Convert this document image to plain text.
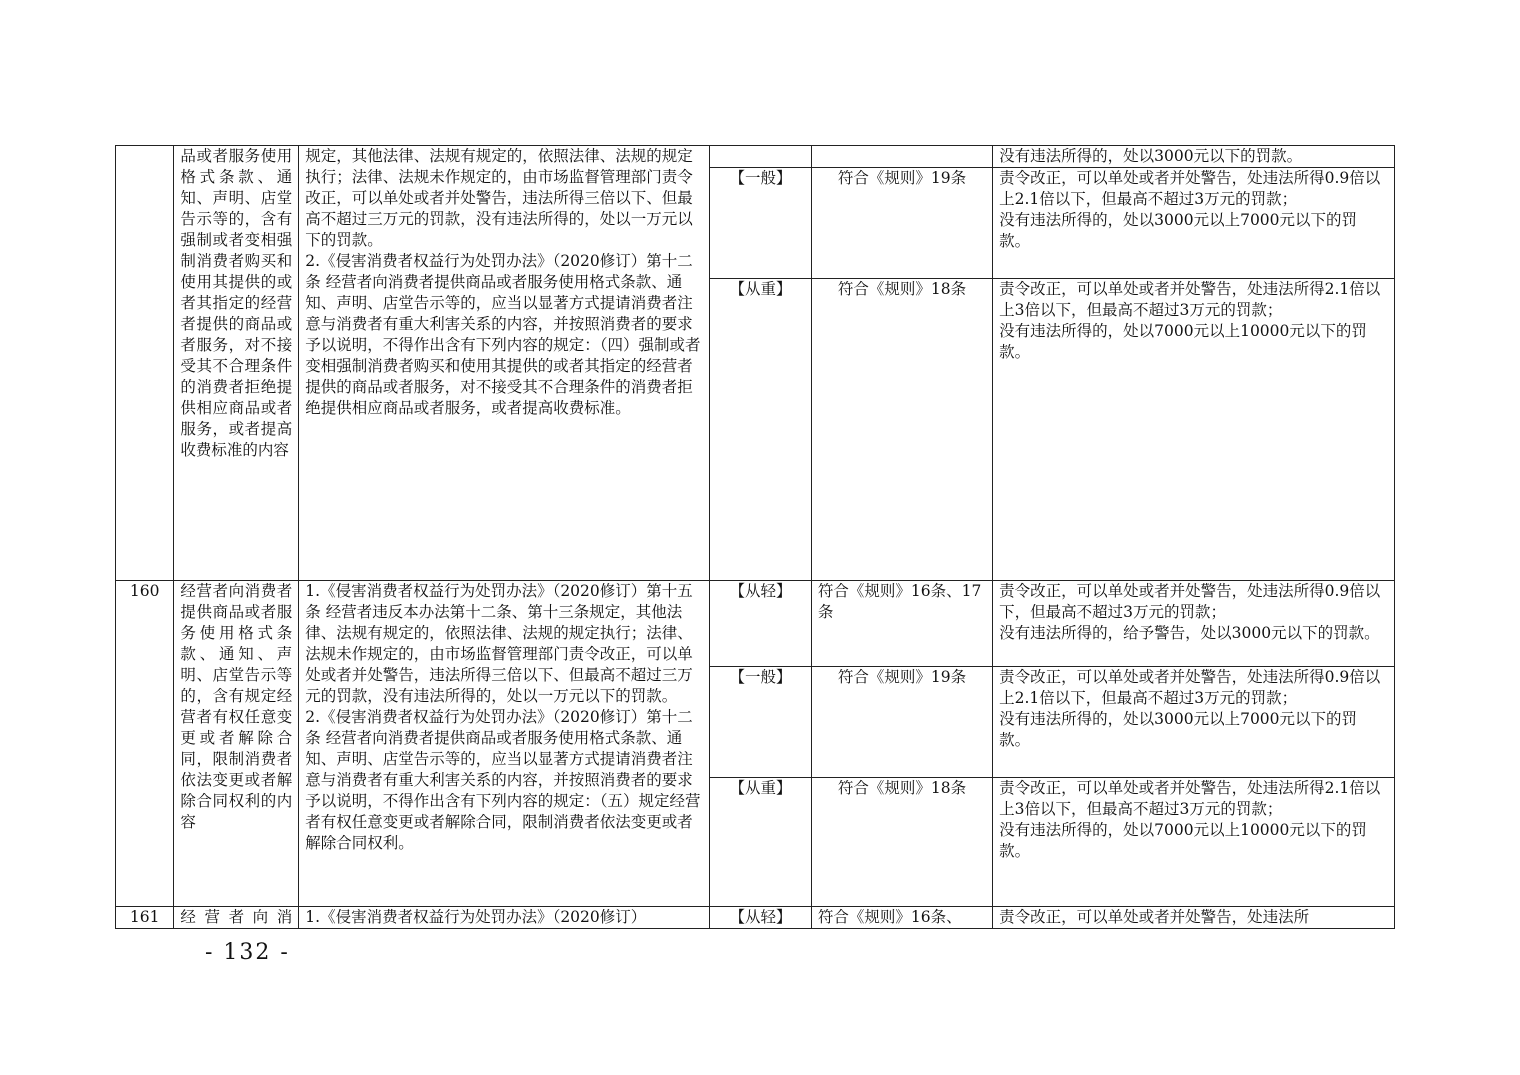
	品或者服务使用格式条款、通知、声明、店堂告示等的，含有强制或者变相强制消费者购买和使用其提供的或者其指定的经营者提供的商品或者服务，对不接受其不合理条件的消费者拒绝提供相应商品或者服务，或者提高收费标准的内容	规定，其他法律、法规有规定的，依照法律、法规的规定执行；法律、法规未作规定的，由市场监督管理部门责令改正，可以单处或者并处警告，违法所得三倍以下、但最高不超过三万元的罚款，没有违法所得的，处以一万元以下的罚款。
2.《侵害消费者权益行为处罚办法》（2020修订）第十二条 经营者向消费者提供商品或者服务使用格式条款、通知、声明、店堂告示等的，应当以显著方式提请消费者注意与消费者有重大利害关系的内容，并按照消费者的要求予以说明，不得作出含有下列内容的规定：（四）强制或者变相强制消费者购买和使用其提供的或者其指定的经营者提供的商品或者服务，对不接受其不合理条件的消费者拒绝提供相应商品或者服务，或者提高收费标准。			没有违法所得的，处以3000元以下的罚款。
			【一般】	符合《规则》19条	责令改正，可以单处或者并处警告，处违法所得0.9倍以上2.1倍以下，但最高不超过3万元的罚款；
没有违法所得的，处以3000元以上7000元以下的罚款。
			【从重】	符合《规则》18条	责令改正，可以单处或者并处警告，处违法所得2.1倍以上3倍以下，但最高不超过3万元的罚款；
没有违法所得的，处以7000元以上10000元以下的罚款。
160	经营者向消费者提供商品或者服务使用格式条款、通知、声明、店堂告示等的，含有规定经营者有权任意变更或者解除合同，限制消费者依法变更或者解除合同权利的内容	1.《侵害消费者权益行为处罚办法》（2020修订）第十五条 经营者违反本办法第十二条、第十三条规定，其他法律、法规有规定的，依照法律、法规的规定执行；法律、法规未作规定的，由市场监督管理部门责令改正，可以单处或者并处警告，违法所得三倍以下、但最高不超过三万元的罚款，没有违法所得的，处以一万元以下的罚款。
2.《侵害消费者权益行为处罚办法》（2020修订）第十二条 经营者向消费者提供商品或者服务使用格式条款、通知、声明、店堂告示等的，应当以显著方式提请消费者注意与消费者有重大利害关系的内容，并按照消费者的要求予以说明，不得作出含有下列内容的规定：（五）规定经营者有权任意变更或者解除合同，限制消费者依法变更或者解除合同权利。	【从轻】	符合《规则》16条、17条	责令改正，可以单处或者并处警告，处违法所得0.9倍以下，但最高不超过3万元的罚款；
没有违法所得的，给予警告，处以3000元以下的罚款。
			【一般】	符合《规则》19条	责令改正，可以单处或者并处警告，处违法所得0.9倍以上2.1倍以下，但最高不超过3万元的罚款；
没有违法所得的，处以3000元以上7000元以下的罚款。
			【从重】	符合《规则》18条	责令改正，可以单处或者并处警告，处违法所得2.1倍以上3倍以下，但最高不超过3万元的罚款；
没有违法所得的，处以7000元以上10000元以下的罚款。
161	经营者向消	1.《侵害消费者权益行为处罚办法》（2020修订）	【从轻】	符合《规则》16条、	责令改正，可以单处或者并处警告，处违法所
- 132 -
